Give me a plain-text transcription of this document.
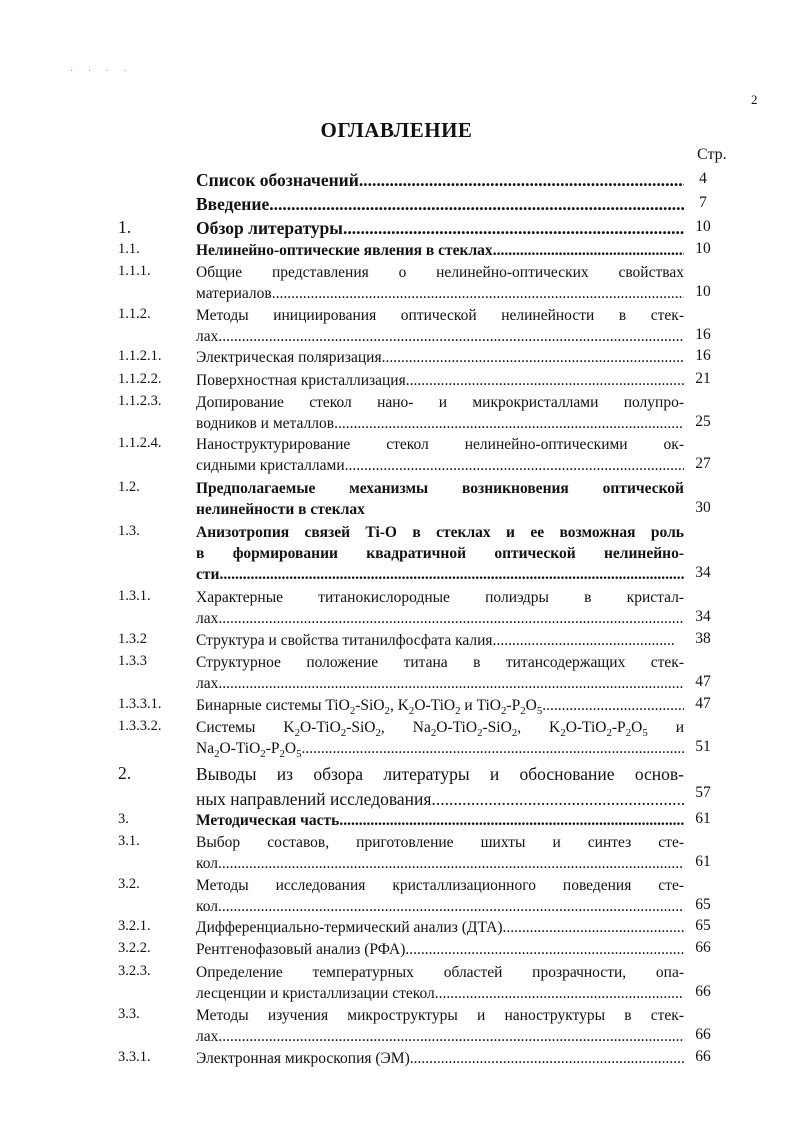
· · · ·
2
ОГЛАВЛЕНИЕ
Стр.
Список обозначений .....	4
Введение .....	7
1.	Обзор литературы .....	10
1.1.	Нелинейно-оптические явления в стеклах .....	10
1.1.1.	Общие представления о нелинейно-оптических свойствах
материалов .....	10
1.1.2.	Методы инициирования оптической нелинейности в стек-
лах .....	16
1.1.2.1. Электрическая поляризация .....	16
1.1.2.2. Поверхностная кристаллизация .....	21
1.1.2.3. Допирование стекол нано- и микрокристаллами полупро-
водников и металлов .....	25
1.1.2.4. Наноструктурирование стекол нелинейно-оптическими ок-
сидными кристаллами .....	27
1.2.	Предполагаемые механизмы возникновения оптической
нелинейности в стеклах	30
1.3.	Анизотропия связей Ti-O в стеклах и ее возможная роль
в формировании квадратичной оптической нелинейно-
сти .....	34
1.3.1.	Характерные титанокислородные полиэдры в кристал-
лах .....	34
1.3.2	Структура и свойства титанилфосфата калия .....	38
1.3.3	Структурное положение титана в титансодержащих стек-
лах .....	47
1.3.3.1. Бинарные системы TiO$_2$-SiO$_2$, $K_2O-TiO_2$ и $TiO_2-P_2O_5$ .....	47
1.3.3.2. Системы $K_2O-TiO_2-SiO_2$, $Na_2O-TiO_2-SiO_2$, $K_2O-TiO_2-P_2O_5$ и
$Na_2O-TiO_2-P_2O_5$ .....	51
2.	Выводы из обзора литературы и обоснование основ-
ных направлений исследования .....	57
3.	Методическая часть .....	61
3.1.	Выбор составов, приготовление шихты и синтез сте-
кол .....	61
3.2.	Методы исследования кристаллизационного поведения сте-
кол .....	65
3.2.1.	Дифференциально-термический анализ (ДТА) .....	65
3.2.2.	Рентгенофазовый анализ (РФА) .....	66
3.2.3.	Определение температурных областей прозрачности, опа-
лесценции и кристаллизации стекол .....	66
3.3.	Методы изучения микроструктуры и наноструктуры в стек-
лах .....	66
3.3.1.	Электронная микроскопия (ЭМ) .....	66
